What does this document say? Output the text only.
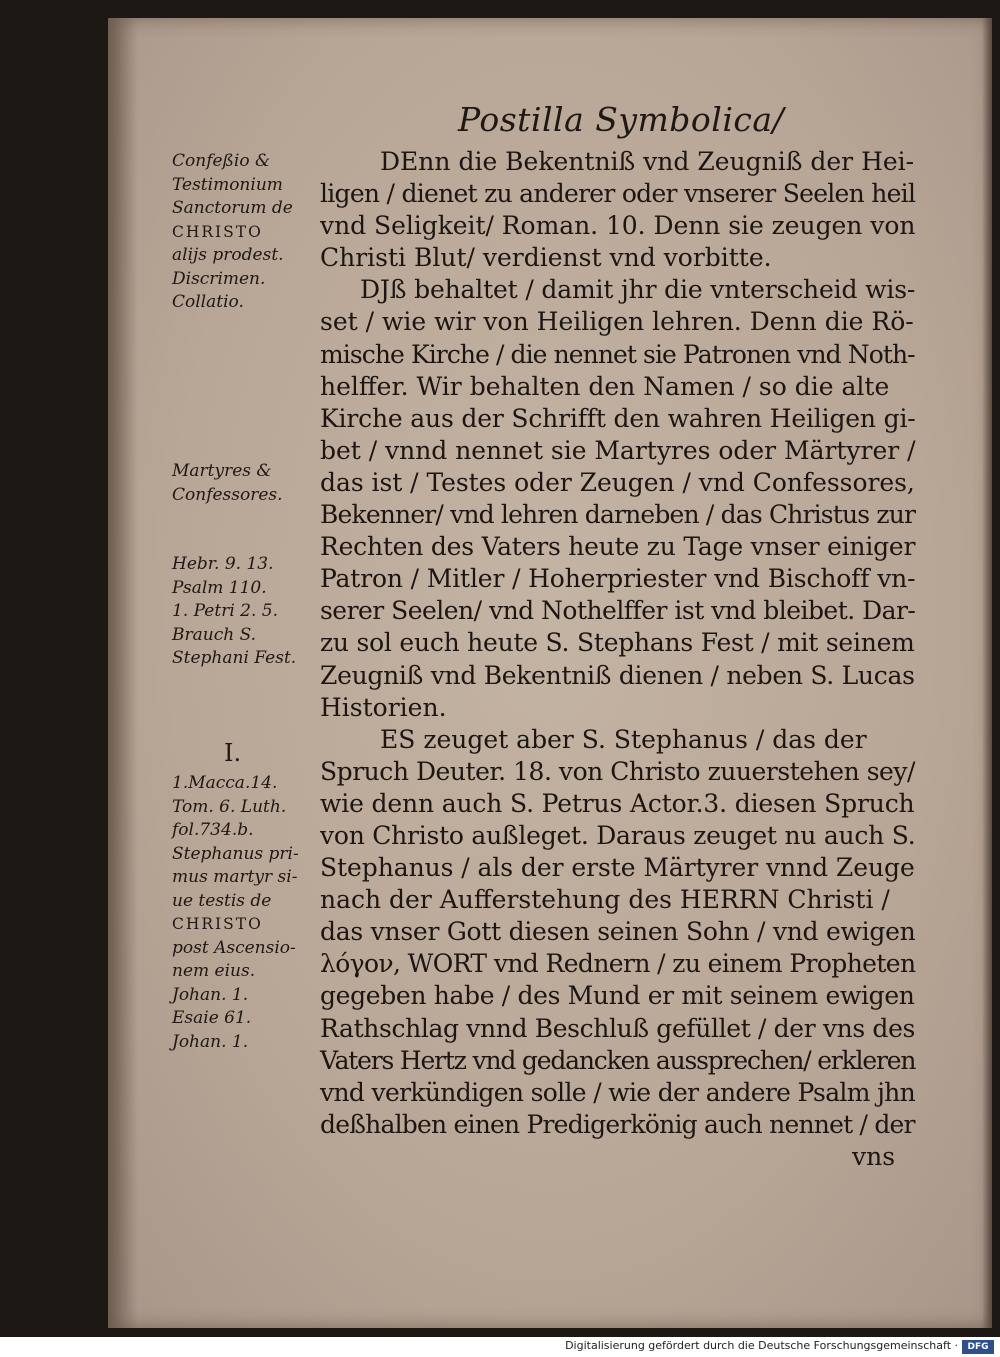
Postilla Symbolica/
Confeßio &
Testimonium
Sanctorum de
CHRISTO
alijs prodest.
Discrimen.
Collatio.
Martyres &
Confessores.
Hebr. 9. 13.
Psalm 110.
1. Petri 2. 5.
Brauch S.
Stephani Fest.
I.
1.Macca.14.
Tom. 6. Luth.
fol.734.b.
Stephanus pri-
mus martyr si-
ue testis de
CHRISTO
post Ascensio-
nem eius.
Johan. 1.
Esaie 61.
Johan. 1.
DEnn die Bekentniß vnd Zeugniß der Hei-
ligen / dienet zu anderer oder vnserer Seelen heil
vnd Seligkeit/ Roman. 10. Denn sie zeugen von
Christi Blut/ verdienst vnd vorbitte.
DJß behaltet / damit jhr die vnterscheid wis-
set / wie wir von Heiligen lehren. Denn die Rö-
mische Kirche / die nennet sie Patronen vnd Noth-
helffer. Wir behalten den Namen / so die alte
Kirche aus der Schrifft den wahren Heiligen gi-
bet / vnnd nennet sie Martyres oder Märtyrer /
das ist / Testes oder Zeugen / vnd Confessores,
Bekenner/ vnd lehren darneben / das Christus zur
Rechten des Vaters heute zu Tage vnser einiger
Patron / Mitler / Hoherpriester vnd Bischoff vn-
serer Seelen/ vnd Nothelffer ist vnd bleibet. Dar-
zu sol euch heute S. Stephans Fest / mit seinem
Zeugniß vnd Bekentniß dienen / neben S. Lucas
Historien.
ES zeuget aber S. Stephanus / das der
Spruch Deuter. 18. von Christo zuuerstehen sey/
wie denn auch S. Petrus Actor.3. diesen Spruch
von Christo außleget. Daraus zeuget nu auch S.
Stephanus / als der erste Märtyrer vnnd Zeuge
nach der Aufferstehung des HERRN Christi /
das vnser Gott diesen seinen Sohn / vnd ewigen
λόγον, WORT vnd Rednern / zu einem Propheten
gegeben habe / des Mund er mit seinem ewigen
Rathschlag vnnd Beschluß gefüllet / der vns des
Vaters Hertz vnd gedancken aussprechen/ erkleren
vnd verkündigen solle / wie der andere Psalm jhn
deßhalben einen Predigerkönig auch nennet / der
vns
Digitalisierung gefördert durch die Deutsche Forschungsgemeinschaft ·	DFG
